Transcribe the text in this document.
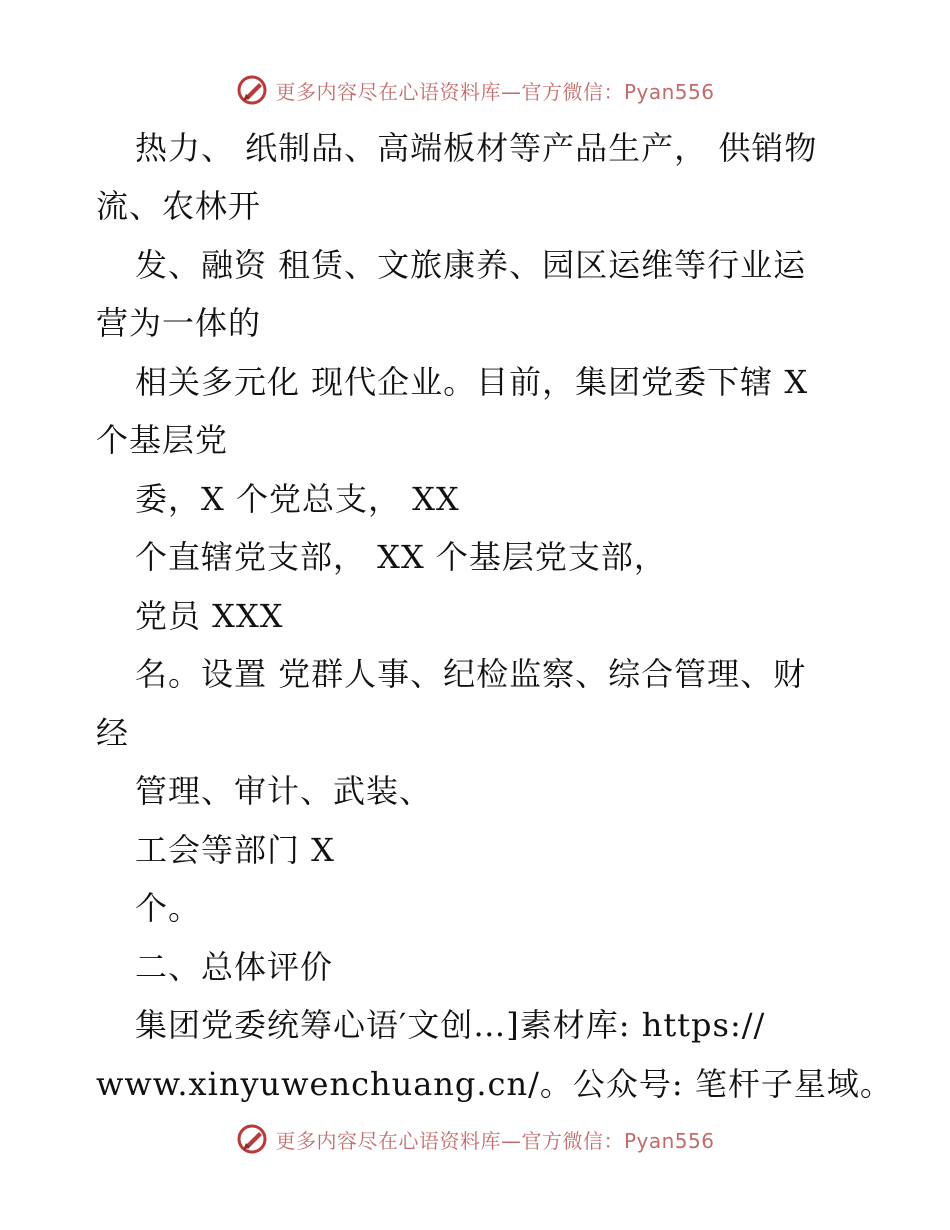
更多内容尽在心语资料库—官方微信：Pyan556
热力、 纸制品、高端板材等产品生产， 供销物
流、农林开
发、融资 租赁、文旅康养、园区运维等行业运
营为一体的
相关多元化 现代企业。目前，集团党委下辖 X
个基层党
委，X 个党总支， XX
个直辖党支部， XX 个基层党支部，
党员 XXX
名。设置 党群人事、纪检监察、综合管理、财
经
管理、审计、武装、
工会等部门 X
个。
二、总体评价
集团党委统筹心语′文创…]素材库: https://
www.xinyuwenchuang.cn/。公众号: 笔杆子星域。
更多内容尽在心语资料库—官方微信：Pyan556
